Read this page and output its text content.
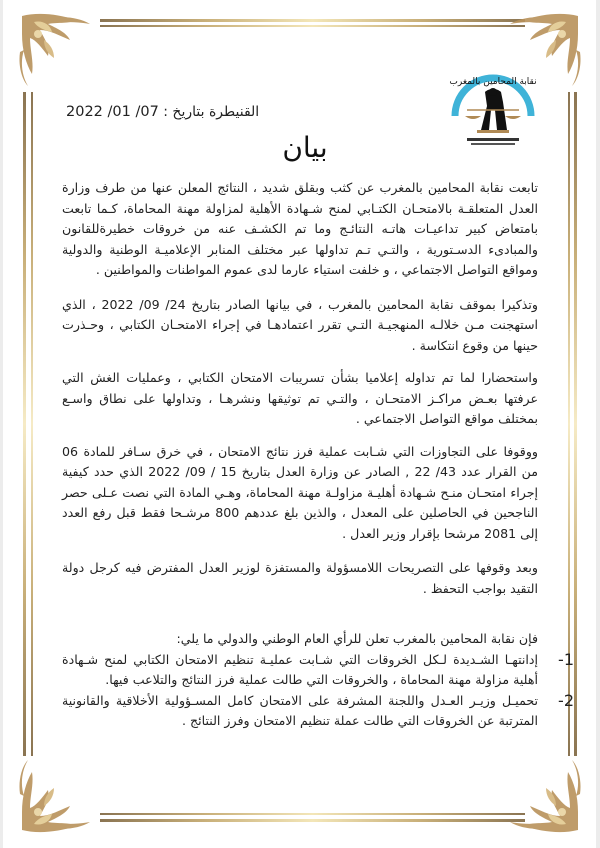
نقابة المحامين بالمغرب
القنيطرة بتاريخ : 2022 /01 /07
بيان

تابعت نقابة المحامين بالمغرب عن كثب وبقلق شديد ، النتائج المعلن عنها من طرف وزارة العدل المتعلقـة بالامتحـان الكتـابي لمنح شـهادة الأهلية لمزاولة مهنة المحاماة، كـما تابعت بامتعاض كبير تداعيـات هاتـه النتائـج وما تم الكشـف عنه من خروقات خطيرةللقانون والمبادىء الدسـتورية ، والتـي تـم تداولها عبر مختلف المنابر الإعلاميـة الوطنية والدولية ومواقع التواصل الاجتماعي ، و خلفت استياء عارما لدى عموم المواطنات والمواطنين .

وتذكيرا بموقف نقابة المحامين بالمغرب ، في بيانها الصادر بتاريخ 24/ 09/ 2022 ، الذي استهجنت مـن خلالـه المنهجيـة التـي تقرر اعتمادهـا في إجراء الامتحـان الكتابي ، وحـذرت حينها من وقوع انتكاسة .

واستحضارا لما تم تداوله إعلاميا بشأن تسريبات الامتحان الكتابي ، وعمليات الغش التي عرفتها بعـض مراكـز الامتحـان ، والتـي تم توثيقها ونشرهـا ، وتداولها على نطاق واسـع بمختلف مواقع التواصل الاجتماعي .

ووقوفا على التجاوزات التي شـابت عملية فرز نتائج الامتحان ، في خرق سـافر للمادة 06 من القرار عدد 43/ 22 , الصادر عن وزارة العدل بتاريخ 15 / 09/ 2022 الذي حدد كيفية إجراء امتحـان منـح شـهادة أهليـة مزاولـة مهنة المحاماة، وهـي المادة التي نصت عـلى حصر الناجحين في الحاصلين على المعدل ، والذين بلغ عددهم 800 مرشـحا فقط قبل رفع العدد إلى 2081 مرشحا بإقرار وزير العدل .

وبعد وقوفها على التصريحات اللامسؤولة والمستفزة لوزير العدل المفترض فيه كرجل دولة التقيد بواجب التحفظ .

فإن نقابة المحامين بالمغرب تعلن للرأي العام الوطني والدولي ما يلي:

-1
إدانتهـا الشـديدة لـكل الخروقات التي شـابت عمليـة تنظيم الامتحان الكتابي لمنح شـهادة أهلية مزاولة مهنة المحاماة ، والخروقات التي طالت عملية فرز النتائج والتلاعب فيها.
-2
تحميـل وزيـر العـدل واللجنة المشرفة على الامتحان كامل المسـؤولية الأخلاقية والقانونية المترتبة عن الخروقات التي طالت عملة تنظيم الامتحان وفرز النتائج .
